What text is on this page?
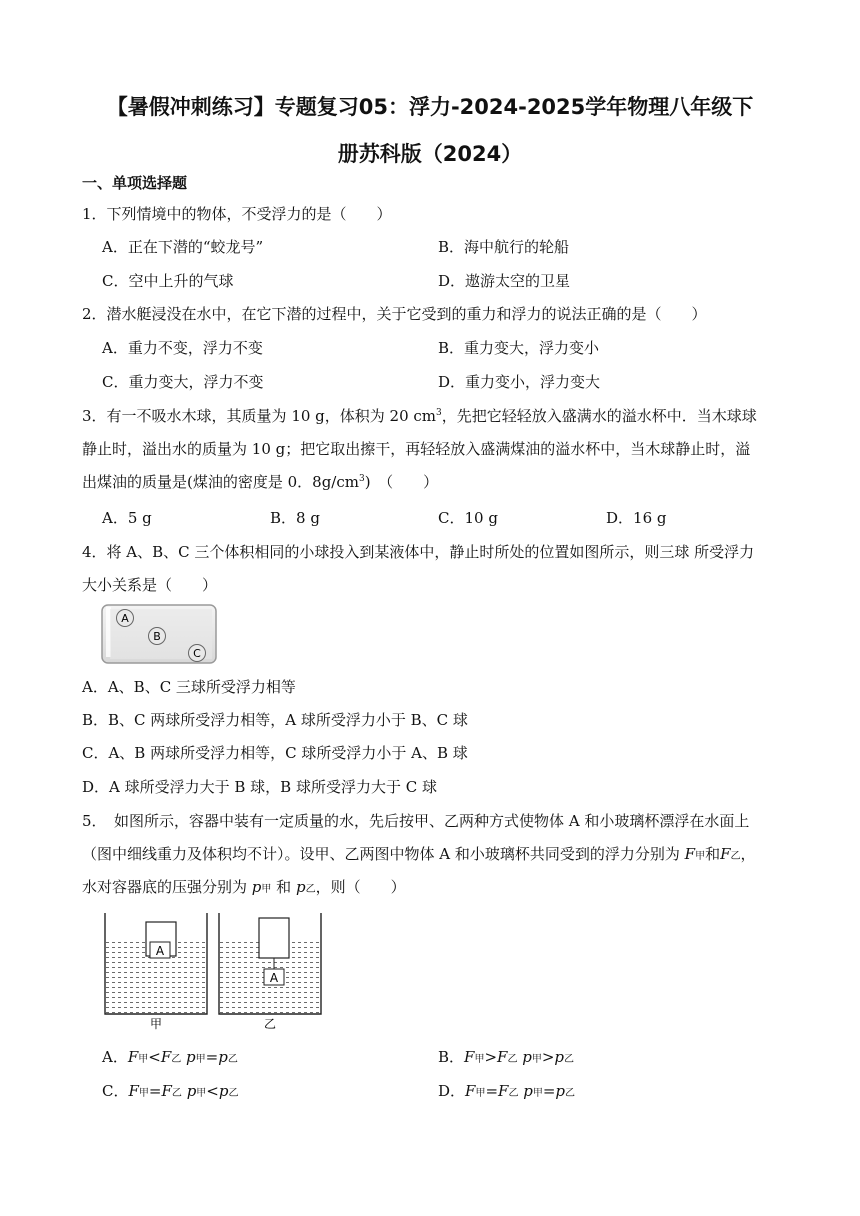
【暑假冲刺练习】专题复习05：浮力-2024-2025学年物理八年级下
册苏科版（2024）
一、单项选择题
1．下列情境中的物体，不受浮力的是（　　）
A．正在下潜的“蛟龙号”	B．海中航行的轮船
C．空中上升的气球	D．遨游太空的卫星
2．潜水艇浸没在水中，在它下潜的过程中，关于它受到的重力和浮力的说法正确的是（　　）
A．重力不变，浮力不变	B．重力变大，浮力变小
C．重力变大，浮力不变	D．重力变小，浮力变大
3．有一不吸水木球，其质量为 10 g，体积为 20 $cm^3$，先把它轻轻放入盛满水的溢水杯中．当木球球
静止时，溢出水的质量为 10 g；把它取出擦干，再轻轻放入盛满煤油的溢水杯中，当木球静止时，溢
出煤油的质量是(煤油的密度是 0．$8g/cm^3$)　（　　）
A．5 g	B．8 g	C．10 g	D．16 g
4．将 A、B、C 三个体积相同的小球投入到某液体中，静止时所处的位置如图所示，则三球 所受浮力
大小关系是（　　）
A
B
C
A．A、B、C 三球所受浮力相等
B．B、C 两球所受浮力相等，A 球所受浮力小于 B、C 球
C．A、B 两球所受浮力相等，C 球所受浮力小于 A、B 球
D．A 球所受浮力大于 B 球，B 球所受浮力大于 C 球
5．　如图所示，容器中装有一定质量的水，先后按甲、乙两种方式使物体 A 和小玻璃杯漂浮在水面上
（图中细线重力及体积均不计）。设甲、乙两图中物体 A 和小玻璃杯共同受到的浮力分别为 F甲和F乙，
水对容器底的压强分别为 p甲 和 p乙，则（　　）
A
甲
A
乙
A．F甲<F乙 p甲=p乙	B．F甲>F乙 p甲>p乙
C．F甲=F乙 p甲<p乙	D．F甲=F乙 p甲=p乙
